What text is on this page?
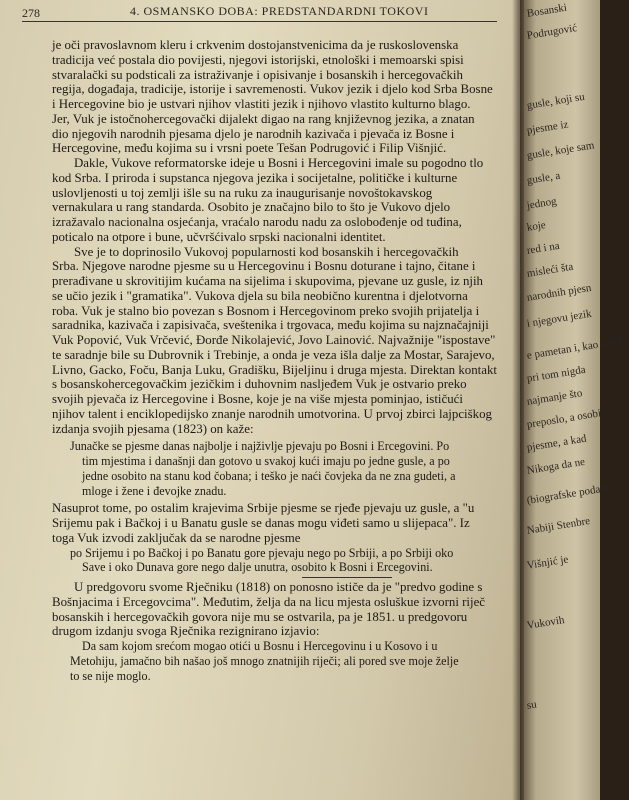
278	4. OSMANSKO DOBA: PREDSTANDARDNI TOKOVI
je oči pravoslavnom kleru i crkvenim dostojanstvenicima da je ruskoslovenska
tradicija već postala dio povijesti, njegovi istorijski, etnološki i memoarski spisi
stvaralački su podsticali za istraživanje i opisivanje i bosanskih i hercegovačkih
regija, događaja, tradicije, istorije i savremenosti. Vukov jezik i djelo kod Srba Bosne
i Hercegovine bio je ustvari njihov vlastiti jezik i njihovo vlastito kulturno blago.
Jer, Vuk je istočnohercegovački dijalekt digao na rang književnog jezika, a znatan
dio njegovih narodnih pjesama djelo je narodnih kazivača i pjevača iz Bosne i
Hercegovine, među kojima su i vrsni poete Tešan Podrugović i Filip Višnjić.
Dakle, Vukove reformatorske ideje u Bosni i Hercegovini imale su pogodno tlo
kod Srba. I priroda i supstanca njegova jezika i socijetalne, političke i kulturne
uslovljenosti u toj zemlji išle su na ruku za inaugurisanje novoštokavskog
vernakulara u rang standarda. Osobito je značajno bilo to što je Vukovo djelo
izražavalo nacionalna osjećanja, vraćalo narodu nadu za oslobođenje od tuđina,
poticalo na otpore i bune, učvršćivalo srpski nacionalni identitet.
Sve je to doprinosilo Vukovoj popularnosti kod bosanskih i hercegovačkih
Srba. Njegove narodne pjesme su u Hercegovinu i Bosnu doturane i tajno, čitane i
prerađivane u skrovitijim kućama na sijelima i skupovima, pjevane uz gusle, iz njih
se učio jezik i "gramatika". Vukova djela su bila neobično kurentna i djelotvorna
roba. Vuk je stalno bio povezan s Bosnom i Hercegovinom preko svojih prijatelja i
saradnika, kazivača i zapisivača, sveštenika i trgovaca, među kojima su najznačajniji
Vuk Popović, Vuk Vrčević, Đorđe Nikolajević, Jovo Lainović. Najvažnije "ispostave"
te saradnje bile su Dubrovnik i Trebinje, a onda je veza išla dalje za Mostar, Sarajevo,
Livno, Gacko, Foču, Banja Luku, Gradišku, Bijeljinu i druga mjesta. Direktan kontakt
s bosanskohercegovačkim jezičkim i duhovnim nasljeđem Vuk je ostvario preko
svojih pjevača iz Hercegovine i Bosne, koje je na više mjesta pominjao, ističući
njihov talent i enciklopedijsko znanje narodnih umotvorina. U prvoj zbirci lajpciškog
izdanja svojih pjesama (1823) on kaže:
Junačke se pjesme danas najbolje i najživlje pjevaju po Bosni i Ercegovini. Po
tim mjestima i današnji dan gotovo u svakoj kući imaju po jedne gusle, a po
jedne osobito na stanu kod čobana; i teško je naći čovjeka da ne zna gudeti, a
mloge i žene i đevojke znadu.
Nasuprot tome, po ostalim krajevima Srbije pjesme se rjeđe pjevaju uz gusle, a "u
Srijemu pak i Bačkoj i u Banatu gusle se danas mogu viđeti samo u slijepaca". Iz
toga Vuk izvodi zaključak da se narodne pjesme
po Srijemu i po Bačkoj i po Banatu gore pjevaju nego po Srbiji, a po Srbiji oko
Save i oko Dunava gore nego dalje unutra, osobito k Bosni i Ercegovini.
U predgovoru svome Rječniku (1818) on ponosno ističe da je "predvo godine s
Bošnjacima i Ercegovcima". Međutim, želja da na licu mjesta osluškue izvorni riječ
bosanskih i hercegovačkih govora nije mu se ostvarila, pa je 1851. u predgovoru
drugom izdanju svoga Rječnika rezignirano izjavio:
Da sam kojom srećom mogao otići u Bosnu i Hercegovinu i u Kosovo i u
Metohiju, jamačno bih našao još mnogo znatnijih riječi; ali pored sve moje želje
to se nije moglo.
Bosanski
Podrugović
gusle, koji su
pjesme iz
gusle, koje sam
gusle, a
jednog
koje
red i na
misleći šta
narodnih pjesn
i njegovu jezik
e pametan i, kao ajduk,
pri tom nigda
najmanje što
preposlo, a osobito
pjesme, a kad
Nikoga da ne
(biografske podatke
Nabiji Stenbre
Višnjić je
Vukovih
su
